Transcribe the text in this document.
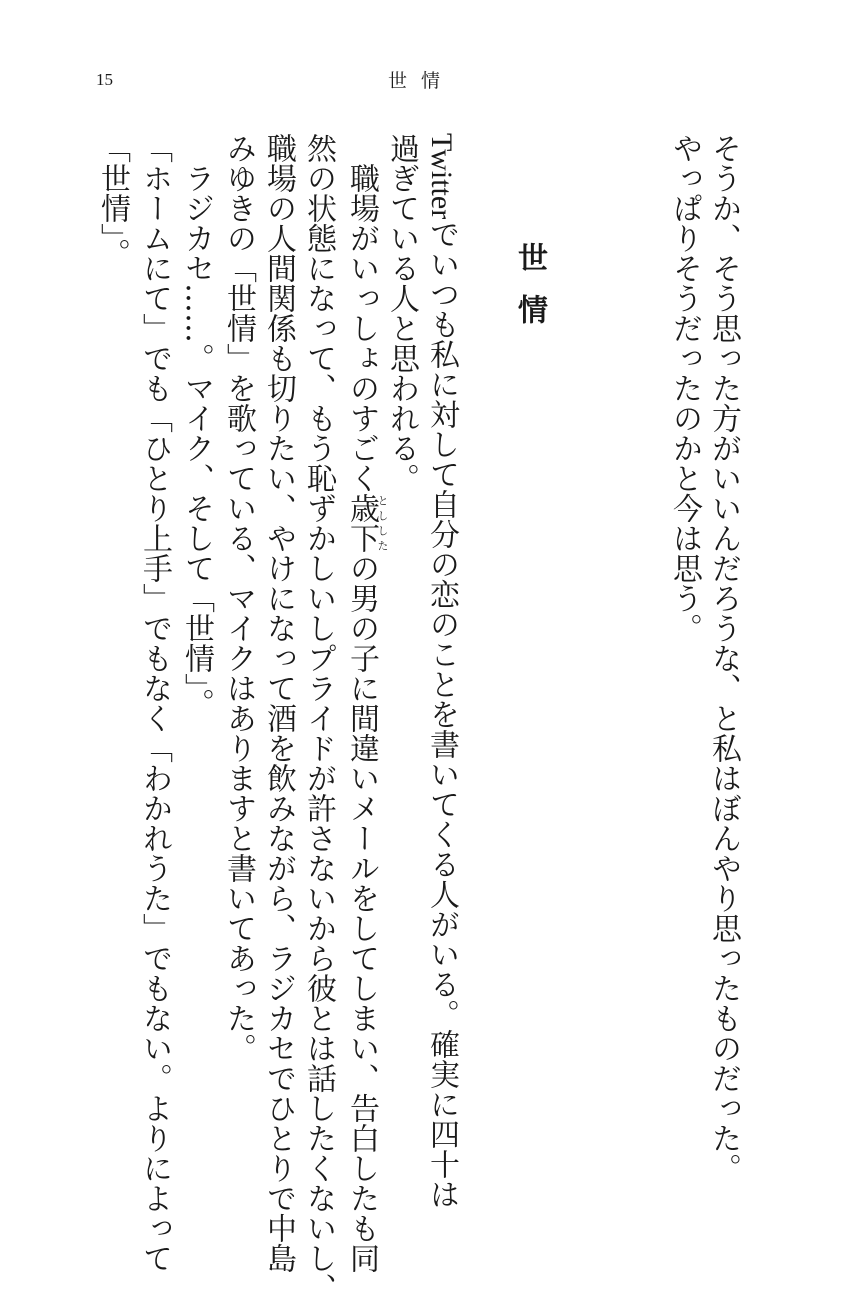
15	世情
そうか、そう思った方がいいんだろうな、と私はぼんやり思ったものだった。
やっぱりそうだったのかと今は思う。
世情
Twitterでいつも私に対して自分の恋のことを書いてくる人がいる。確実に四十は
過ぎている人と思われる。
　職場がいっしょのすごく歳下とししたの男の子に間違いメールをしてしまい、告白したも同
然の状態になって、もう恥ずかしいしプライドが許さないから彼とは話したくないし、
職場の人間関係も切りたい、やけになって酒を飲みながら、ラジカセでひとりで中島
みゆきの「世情」を歌っている、マイクはありますと書いてあった。
　ラジカセ……。マイク、そして「世情」。
「ホームにて」でも「ひとり上手」でもなく「わかれうた」でもない。よりによって
「世情」。
